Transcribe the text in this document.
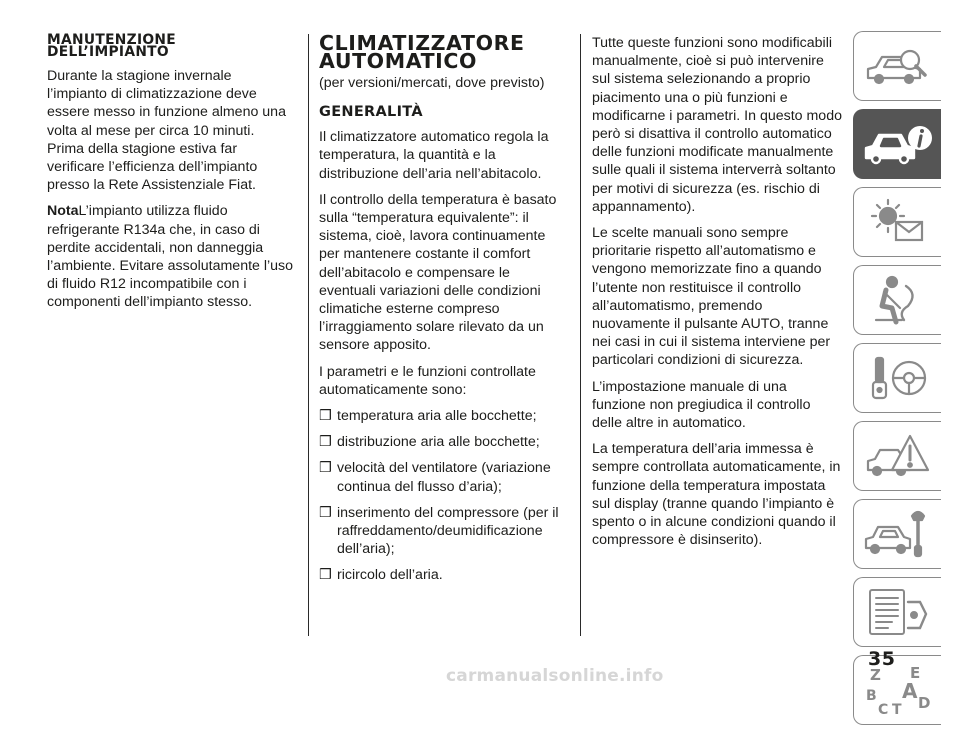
MANUTENZIONE
DELL’IMPIANTO

Durante la stagione invernale l’impianto di climatizzazione deve essere messo in funzione almeno una volta al mese per circa 10 minuti. Prima della stagione estiva far verificare l’efficienza dell’impianto presso la Rete Assistenziale Fiat.

NotaL’impianto utilizza fluido refrigerante R134a che, in caso di perdite accidentali, non danneggia l’ambiente. Evitare assolutamente l’uso di fluido R12 incompatibile con i componenti dell’impianto stesso.

CLIMATIZZATORE
AUTOMATICO

(per versioni/mercati, dove previsto)

GENERALITÀ

Il climatizzatore automatico regola la temperatura, la quantità e la distribuzione dell’aria nell’abitacolo.

Il controllo della temperatura è basato sulla “temperatura equivalente”: il sistema, cioè, lavora continuamente per mantenere costante il comfort dell’abitacolo e compensare le eventuali variazioni delle condizioni climatiche esterne compreso l’irraggiamento solare rilevato da un sensore apposito.

I parametri e le funzioni controllate automaticamente sono:

❒ temperatura aria alle bocchette;
❒ distribuzione aria alle bocchette;
❒ velocità del ventilatore (variazione continua del flusso d’aria);
❒ inserimento del compressore (per il raffreddamento/deumidificazione dell’aria);
❒ ricircolo dell’aria.

Tutte queste funzioni sono modificabili manualmente, cioè si può intervenire sul sistema selezionando a proprio piacimento una o più funzioni e modificarne i parametri. In questo modo però si disattiva il controllo automatico delle funzioni modificate manualmente sulle quali il sistema interverrà soltanto per motivi di sicurezza (es. rischio di appannamento).

Le scelte manuali sono sempre prioritarie rispetto all’automatismo e vengono memorizzate fino a quando l’utente non restituisce il controllo all’automatismo, premendo nuovamente il pulsante AUTO, tranne nei casi in cui il sistema interviene per particolari condizioni di sicurezza.

L’impostazione manuale di una funzione non pregiudica il controllo delle altre in automatico.

La temperatura dell’aria immessa è sempre controllata automaticamente, in funzione della temperatura impostata sul display (tranne quando l’impianto è spento o in alcune condizioni quando il compressore è disinserito).

Z E
A
B
C T D
35
carmanualsonline.info
